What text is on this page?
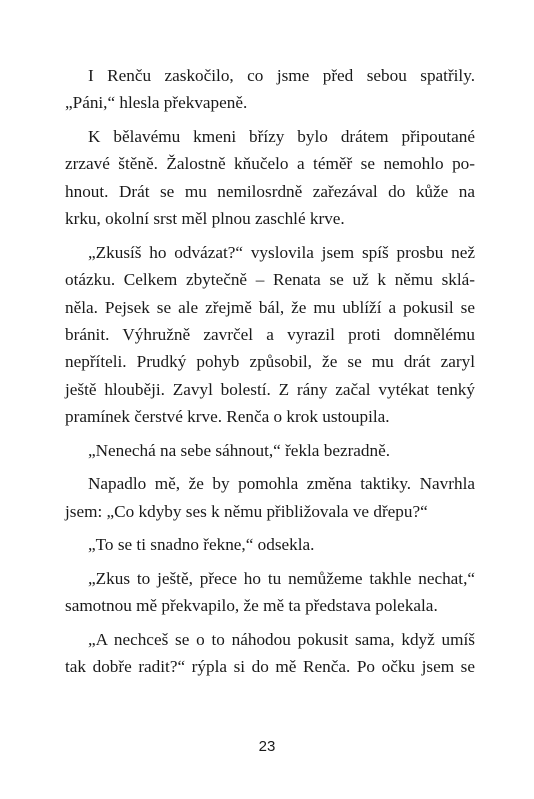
I Renču zaskočilo, co jsme před sebou spatřily.
„Páni,“ hlesla překvapeně.

K bělavému kmeni břízy bylo drátem připoutané
zrzavé štěně. Žalostně kňučelo a téměř se nemohlo po-
hnout. Drát se mu nemilosrdně zařezával do kůže na
krku, okolní srst měl plnou zaschlé krve.

„Zkusíš ho odvázat?“ vyslovila jsem spíš prosbu než
otázku. Celkem zbytečně – Renata se už k němu sklá-
něla. Pejsek se ale zřejmě bál, že mu ublíží a pokusil se
bránit. Výhružně zavrčel a vyrazil proti domnělému
nepříteli. Prudký pohyb způsobil, že se mu drát zaryl
ještě hlouběji. Zavyl bolestí. Z rány začal vytékat tenký
pramínek čerstvé krve. Renča o krok ustoupila.

„Nenechá na sebe sáhnout,“ řekla bezradně.

Napadlo mě, že by pomohla změna taktiky. Navrhla
jsem: „Co kdyby ses k němu přibližovala ve dřepu?“

„To se ti snadno řekne,“ odsekla.

„Zkus to ještě, přece ho tu nemůžeme takhle nechat,“
samotnou mě překvapilo, že mě ta představa polekala.

„A nechceš se o to náhodou pokusit sama, když umíš
tak dobře radit?“ rýpla si do mě Renča. Po očku jsem se

23
